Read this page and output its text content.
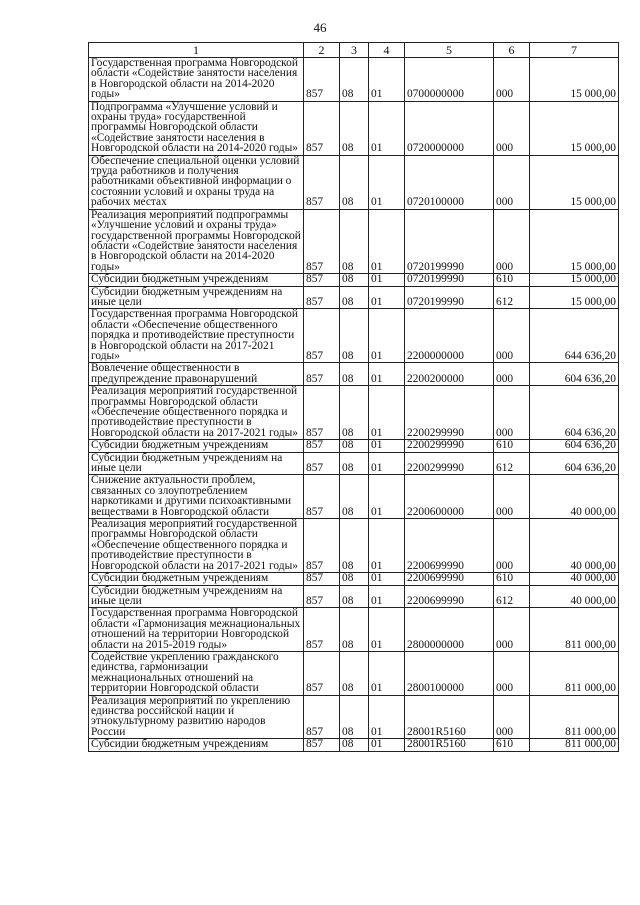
46
1	2	3	4	5	6	7
Государственная программа Новгородской области «Содействие занятости населения в Новгородской области на 2014-2020 годы»	857	08	01	0700000000	000	15 000,00
Подпрограмма «Улучшение условий и охраны труда» государственной программы Новгородской области «Содействие занятости населения в Новгородской области на 2014-2020 годы»	857	08	01	0720000000	000	15 000,00
Обеспечение специальной оценки условий труда работников и получения работниками объективной информации о состоянии условий и охраны труда на рабочих местах	857	08	01	0720100000	000	15 000,00
Реализация мероприятий подпрограммы «Улучшение условий и охраны труда» государственной программы Новгородской области «Содействие занятости населения в Новгородской области на 2014-2020 годы»	857	08	01	0720199990	000	15 000,00
Субсидии бюджетным учреждениям	857	08	01	0720199990	610	15 000,00
Субсидии бюджетным учреждениям на иные цели	857	08	01	0720199990	612	15 000,00
Государственная программа Новгородской области «Обеспечение общественного порядка и противодействие преступности в Новгородской области на 2017-2021 годы»	857	08	01	2200000000	000	644 636,20
Вовлечение общественности в предупреждение правонарушений	857	08	01	2200200000	000	604 636,20
Реализация мероприятий государственной программы Новгородской области «Обеспечение общественного порядка и противодействие преступности в Новгородской области на 2017-2021 годы»	857	08	01	2200299990	000	604 636,20
Субсидии бюджетным учреждениям	857	08	01	2200299990	610	604 636,20
Субсидии бюджетным учреждениям на иные цели	857	08	01	2200299990	612	604 636,20
Снижение актуальности проблем, связанных со злоупотреблением наркотиками и другими психоактивными веществами в Новгородской области	857	08	01	2200600000	000	40 000,00
Реализация мероприятий государственной программы Новгородской области «Обеспечение общественного порядка и противодействие преступности в Новгородской области на 2017-2021 годы»	857	08	01	2200699990	000	40 000,00
Субсидии бюджетным учреждениям	857	08	01	2200699990	610	40 000,00
Субсидии бюджетным учреждениям на иные цели	857	08	01	2200699990	612	40 000,00
Государственная программа Новгородской области «Гармонизация межнациональных отношений на территории Новгородской области на 2015-2019 годы»	857	08	01	2800000000	000	811 000,00
Содействие укреплению гражданского единства, гармонизации межнациональных отношений на территории Новгородской области	857	08	01	2800100000	000	811 000,00
Реализация мероприятий по укреплению единства российской нации и этнокультурному развитию народов России	857	08	01	28001R5160	000	811 000,00
Субсидии бюджетным учреждениям	857	08	01	28001R5160	610	811 000,00
